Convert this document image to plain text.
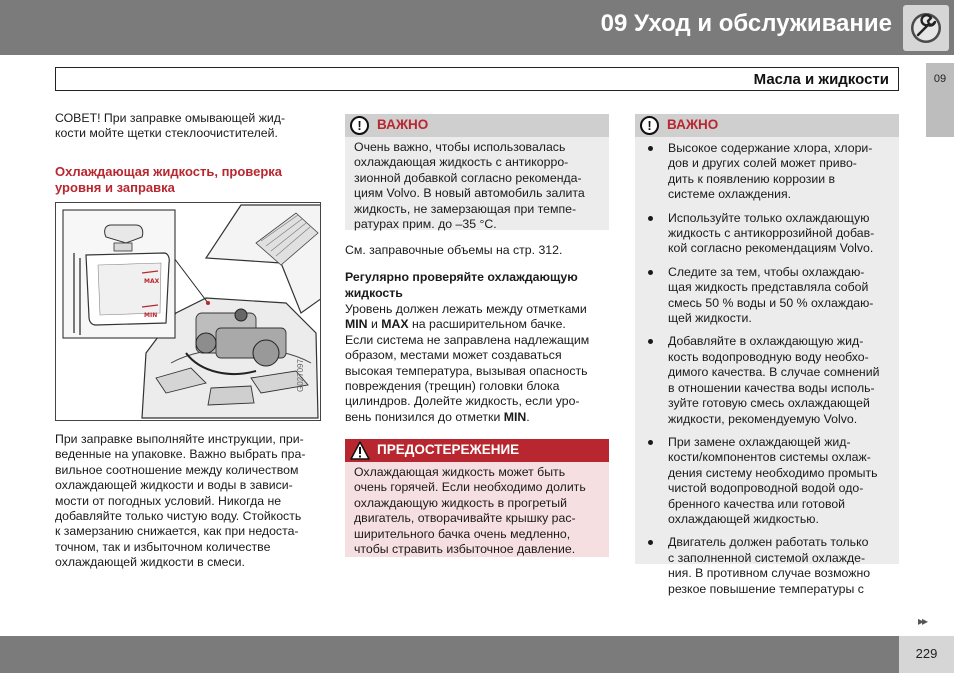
09 Уход и обслуживание
Масла и жидкости	09
СОВЕТ! При заправке омывающей жид-
кости мойте щетки стеклоочистителей.
Охлаждающая жидкость, проверка
уровня и заправка
MAX
MIN
G027097
При заправке выполняйте инструкции, при-
веденные на упаковке. Важно выбрать пра-
вильное соотношение между количеством
охлаждающей жидкости и воды в зависи-
мости от погодных условий. Никогда не
добавляйте только чистую воду. Стойкость
к замерзанию снижается, как при недоста-
точном, так и избыточном количестве
охлаждающей жидкости в смеси.
!	ВАЖНО
Очень важно, чтобы использовалась
охлаждающая жидкость с антикорро-
зионной добавкой согласно рекоменда-
циям Volvo. В новый автомобиль залита
жидкость, не замерзающая при темпе-
ратурах прим. до –35 °C.
См. заправочные объемы на стр. 312.
Регулярно проверяйте охлаждающую
жидкость
Уровень должен лежать между отметками
MIN и MAX на расширительном бачке.
Если система не заправлена надлежащим
образом, местами может создаваться
высокая температура, вызывая опасность
повреждения (трещин) головки блока
цилиндров. Долейте жидкость, если уро-
вень понизился до отметки MIN.
ПРЕДОСТЕРЕЖЕНИЕ
Охлаждающая жидкость может быть
очень горячей. Если необходимо долить
охлаждающую жидкость в прогретый
двигатель, отворачивайте крышку рас-
ширительного бачка очень медленно,
чтобы стравить избыточное давление.
!	ВАЖНО
Высокое содержание хлора, хлори-
дов и других солей может приво-
дить к появлению коррозии в
системе охлаждения.
Используйте только охлаждающую
жидкость с антикоррозийной добав-
кой согласно рекомендациям Volvo.
Следите за тем, чтобы охлаждаю-
щая жидкость представляла собой
смесь 50 % воды и 50 % охлаждаю-
щей жидкости.
Добавляйте в охлаждающую жид-
кость водопроводную воду необхо-
димого качества. В случае сомнений
в отношении качества воды исполь-
зуйте готовую смесь охлаждающей
жидкости, рекомендуемую Volvo.
При замене охлаждающей жид-
кости/компонентов системы охлаж-
дения систему необходимо промыть
чистой водопроводной водой одо-
бренного качества или готовой
охлаждающей жидкостью.
Двигатель должен работать только
с заполненной системой охлажде-
ния. В противном случае возможно
резкое повышение температуры с
▸▸
229
